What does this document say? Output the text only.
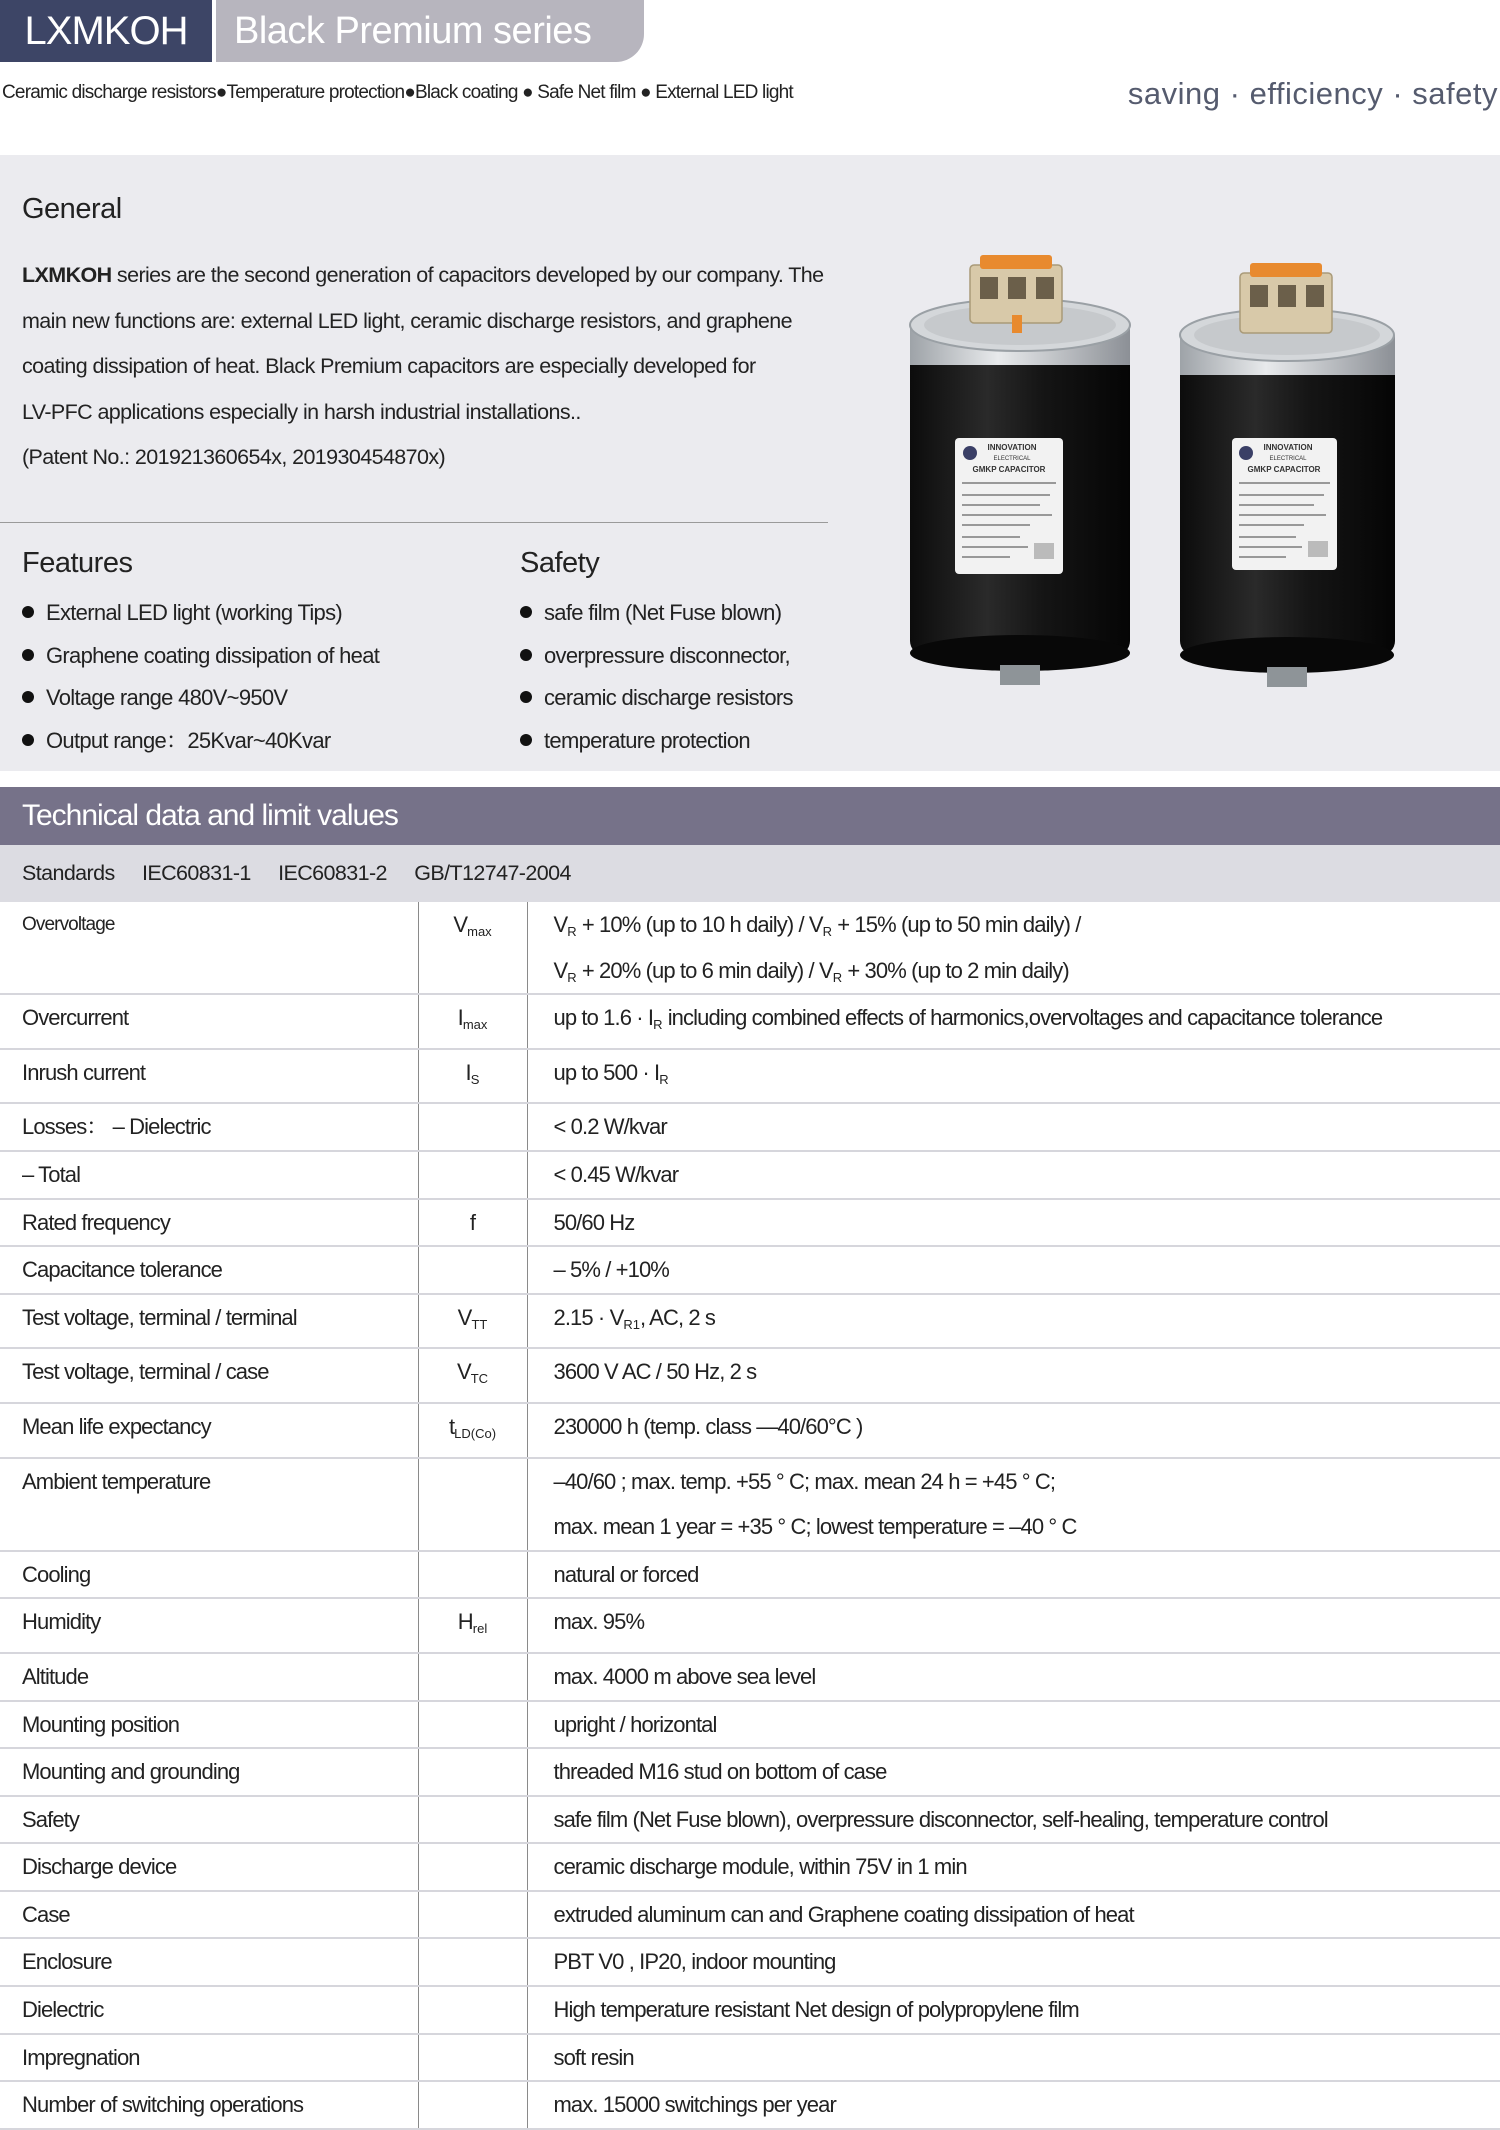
LXMKOH	Black Premium series
Ceramic discharge resistors●Temperature protection●Black coating ● Safe Net film ● External LED light	saving · efficiency · safety
General
LXMKOH series are the second generation of capacitors developed by our company. The
main new functions are: external LED light, ceramic discharge resistors, and graphene
coating dissipation of heat. Black Premium capacitors are especially developed for
LV-PFC applications especially in harsh industrial installations..
(Patent No.: 201921360654x, 201930454870x)
Features
External LED light (working Tips)
Graphene coating dissipation of heat
Voltage range 480V~950V
Output range：25Kvar~40Kvar
Safety
safe film (Net Fuse blown)
overpressure disconnector,
ceramic discharge resistors
temperature protection
INNOVATION
ELECTRICAL
GMKP CAPACITOR
INNOVATION
ELECTRICAL
GMKP CAPACITOR
Technical data and limit values
Standards IEC60831-1 IEC60831-2 GB/T12747-2004
Overvoltage	$V_{max}$	$V_R + 10\%$ (up to 10 h daily) / $V_R + 15\%$ (up to 50 min daily) /
$V_R + 20\%$ (up to 6 min daily) / $V_R + 30\%$ (up to 2 min daily)

Overcurrent	$I_{max}$	up to $1.6 \cdot I_R$ including combined effects of harmonics,overvoltages and capacitance tolerance
Inrush current	$I_S$	up to $500 \cdot I_R$
Losses： – Dielectric		< 0.2 W/kvar
– Total		< 0.45 W/kvar
Rated frequency	f	50/60 Hz
Capacitance tolerance		– 5% / +10%
Test voltage, terminal / terminal	$V_{TT}$	$2.15 \cdot V_{R1}$, AC, 2 s
Test voltage, terminal / case	$V_{TC}$	3600 V AC / 50 Hz, 2 s
Mean life expectancy	$t_{LD(Co)}$	230000 h (temp. class —40/60°C )
Ambient temperature		–40/60 ; max. temp. +55 ° C; max. mean 24 h = +45 ° C;
max. mean 1 year = +35 ° C; lowest temperature = –40 ° C

Cooling		natural or forced
Humidity	$H_{rel}$	max. 95%
Altitude		max. 4000 m above sea level
Mounting position		upright / horizontal
Mounting and grounding		threaded M16 stud on bottom of case
Safety		safe film (Net Fuse blown), overpressure disconnector, self-healing, temperature control
Discharge device		ceramic discharge module, within 75V in 1 min
Case		extruded aluminum can and Graphene coating dissipation of heat
Enclosure		PBT V0 , IP20, indoor mounting
Dielectric		High temperature resistant Net design of polypropylene film
Impregnation		soft resin
Number of switching operations		max. 15000 switchings per year
